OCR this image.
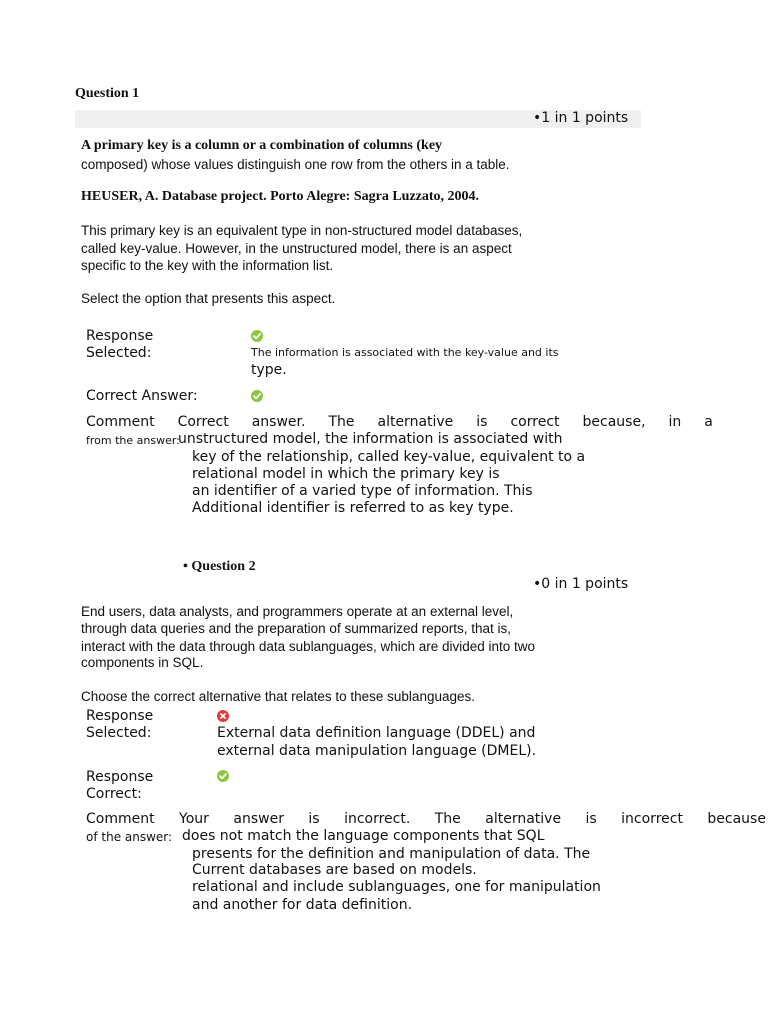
Question 1
•1 in 1 points
A primary key is a column or a combination of columns (key
composed) whose values distinguish one row from the others in a table.
HEUSER, A. Database project. Porto Alegre: Sagra Luzzato, 2004.
This primary key is an equivalent type in non-structured model databases,
called key-value. However, in the unstructured model, there is an aspect
specific to the key with the information list.
Select the option that presents this aspect.
Response
Selected:	The information is associated with the key-value and its
type.
Correct Answer:
Comment Correct answer. The alternative is correct because, in a
from the answer:
unstructured model, the information is associated with
key of the relationship, called key-value, equivalent to a
relational model in which the primary key is
an identifier of a varied type of information. This
Additional identifier is referred to as key type.
• Question 2
•0 in 1 points
End users, data analysts, and programmers operate at an external level,
through data queries and the preparation of summarized reports, that is,
interact with the data through data sublanguages, which are divided into two
components in SQL.
Choose the correct alternative that relates to these sublanguages.
Response
Selected:	External data definition language (DDEL) and
external data manipulation language (DMEL).
Response
Correct:
Comment Your answer is incorrect. The alternative is incorrect because
of the answer: does not match the language components that SQL
presents for the definition and manipulation of data. The
Current databases are based on models.
relational and include sublanguages, one for manipulation
and another for data definition.
